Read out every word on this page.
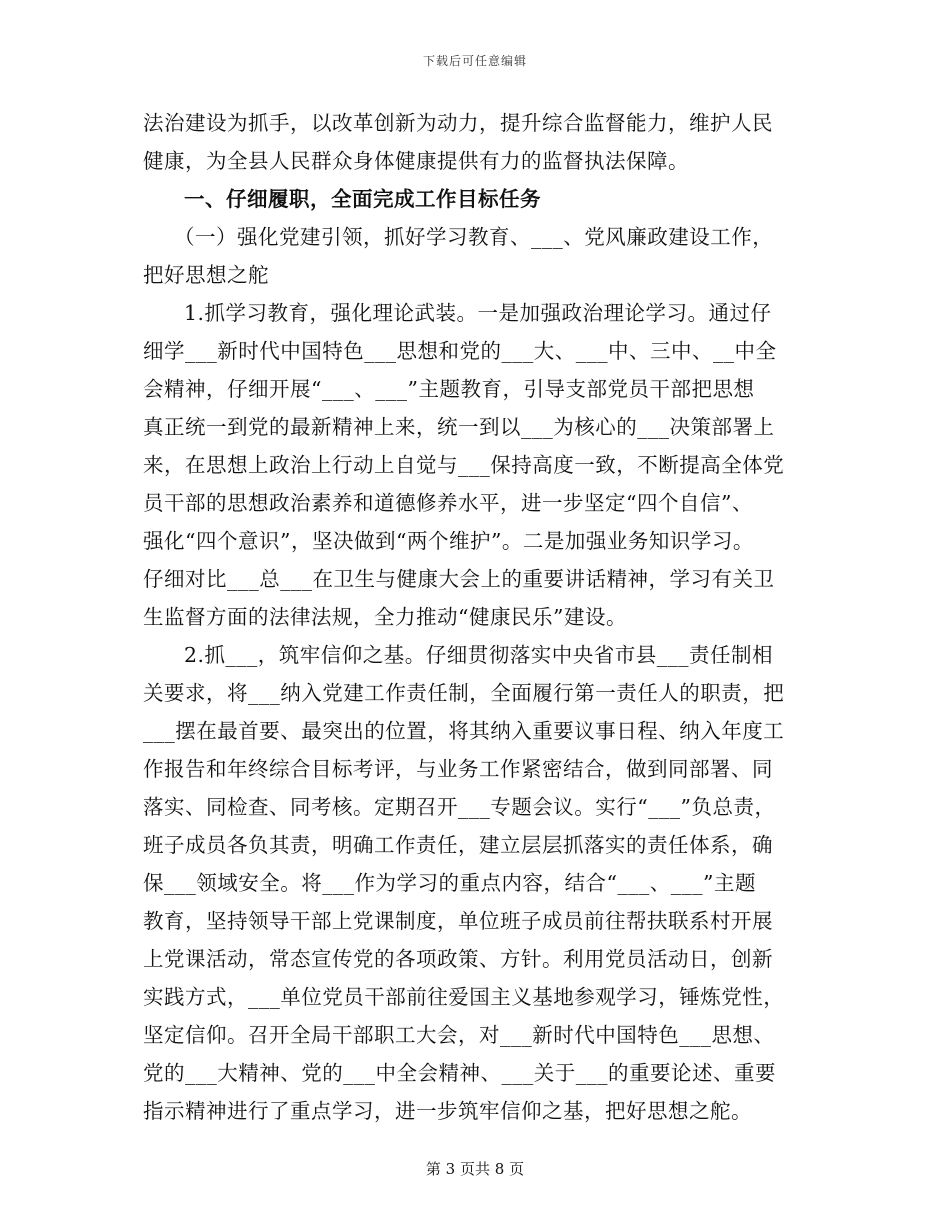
下载后可任意编辑
法治建设为抓手，以改革创新为动力，提升综合监督能力，维护人民
健康，为全县人民群众身体健康提供有力的监督执法保障。
一、仔细履职，全面完成工作目标任务
（一）强化党建引领，抓好学习教育、___、党风廉政建设工作，
把好思想之舵
1.抓学习教育，强化理论武装。一是加强政治理论学习。通过仔
细学___新时代中国特色___思想和党的___大、___中、三中、__中全
会精神，仔细开展“___、___”主题教育，引导支部党员干部把思想
真正统一到党的最新精神上来，统一到以___为核心的___决策部署上
来，在思想上政治上行动上自觉与___保持高度一致，不断提高全体党
员干部的思想政治素养和道德修养水平，进一步坚定“四个自信”、
强化“四个意识”，坚决做到“两个维护”。二是加强业务知识学习。
仔细对比___总___在卫生与健康大会上的重要讲话精神，学习有关卫
生监督方面的法律法规，全力推动“健康民乐”建设。
2.抓___，筑牢信仰之基。仔细贯彻落实中央省市县___责任制相
关要求，将___纳入党建工作责任制，全面履行第一责任人的职责，把
___摆在最首要、最突出的位置，将其纳入重要议事日程、纳入年度工
作报告和年终综合目标考评，与业务工作紧密结合，做到同部署、同
落实、同检查、同考核。定期召开___专题会议。实行“___”负总责，
班子成员各负其责，明确工作责任，建立层层抓落实的责任体系，确
保___领域安全。将___作为学习的重点内容，结合“___、___”主题
教育，坚持领导干部上党课制度，单位班子成员前往帮扶联系村开展
上党课活动，常态宣传党的各项政策、方针。利用党员活动日，创新
实践方式，___单位党员干部前往爱国主义基地参观学习，锤炼党性，
坚定信仰。召开全局干部职工大会，对___新时代中国特色___思想、
党的___大精神、党的___中全会精神、___关于___的重要论述、重要
指示精神进行了重点学习，进一步筑牢信仰之基，把好思想之舵。
第 3 页共 8 页
